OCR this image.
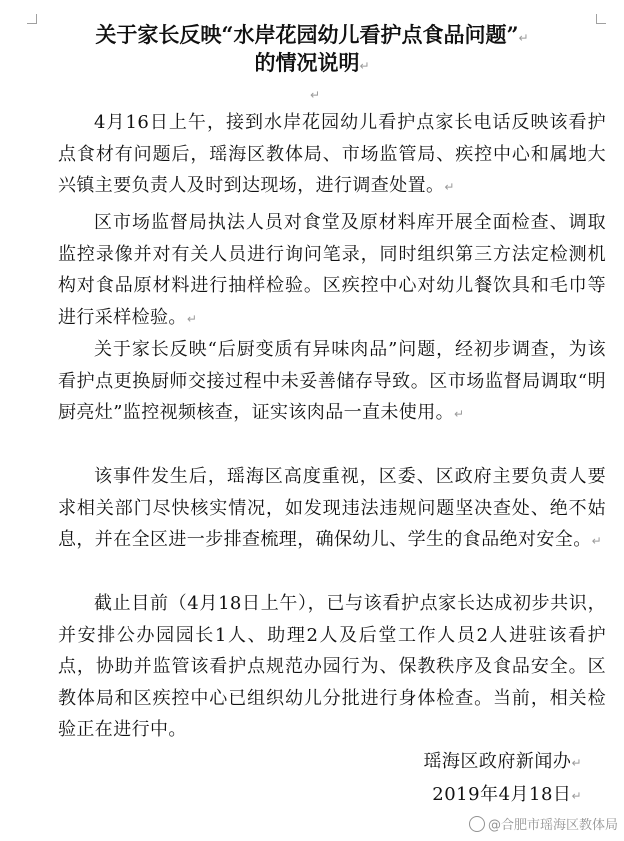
关于家长反映“水岸花园幼儿看护点食品问题”↵
的情况说明↵
↵

4月16日上午，接到水岸花园幼儿看护点家长电话反映该看护点食材有问题后，瑶海区教体局、市场监管局、疾控中心和属地大兴镇主要负责人及时到达现场，进行调查处置。↵

区市场监督局执法人员对食堂及原材料库开展全面检查、调取监控录像并对有关人员进行询问笔录，同时组织第三方法定检测机构对食品原材料进行抽样检验。区疾控中心对幼儿餐饮具和毛巾等进行采样检验。↵

关于家长反映“后厨变质有异味肉品”问题，经初步调查，为该看护点更换厨师交接过程中未妥善储存导致。区市场监督局调取“明厨亮灶”监控视频核查，证实该肉品一直未使用。↵

该事件发生后，瑶海区高度重视，区委、区政府主要负责人要求相关部门尽快核实情况，如发现违法违规问题坚决查处、绝不姑息，并在全区进一步排查梳理，确保幼儿、学生的食品绝对安全。↵

截止目前（4月18日上午），已与该看护点家长达成初步共识，并安排公办园园长1人、助理2人及后堂工作人员2人进驻该看护点，协助并监管该看护点规范办园行为、保教秩序及食品安全。区教体局和区疾控中心已组织幼儿分批进行身体检查。当前，相关检验正在进行中。

瑶海区政府新闻办↵
2019年4月18日↵
@合肥市瑶海区教体局
